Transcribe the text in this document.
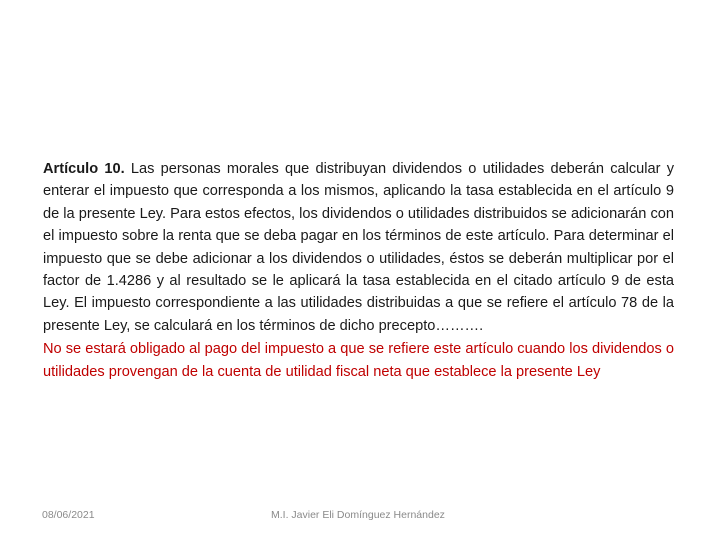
Artículo 10. Las personas morales que distribuyan dividendos o utilidades deberán calcular y enterar el impuesto que corresponda a los mismos, aplicando la tasa establecida en el artículo 9 de la presente Ley. Para estos efectos, los dividendos o utilidades distribuidos se adicionarán con el impuesto sobre la renta que se deba pagar en los términos de este artículo. Para determinar el impuesto que se debe adicionar a los dividendos o utilidades, éstos se deberán multiplicar por el factor de 1.4286 y al resultado se le aplicará la tasa establecida en el citado artículo 9 de esta Ley. El impuesto correspondiente a las utilidades distribuidas a que se refiere el artículo 78 de la presente Ley, se calculará en los términos de dicho precepto……….

No se estará obligado al pago del impuesto a que se refiere este artículo cuando los dividendos o utilidades provengan de la cuenta de utilidad fiscal neta que establece la presente Ley

08/06/2021	M.I. Javier Eli Domínguez Hernández
